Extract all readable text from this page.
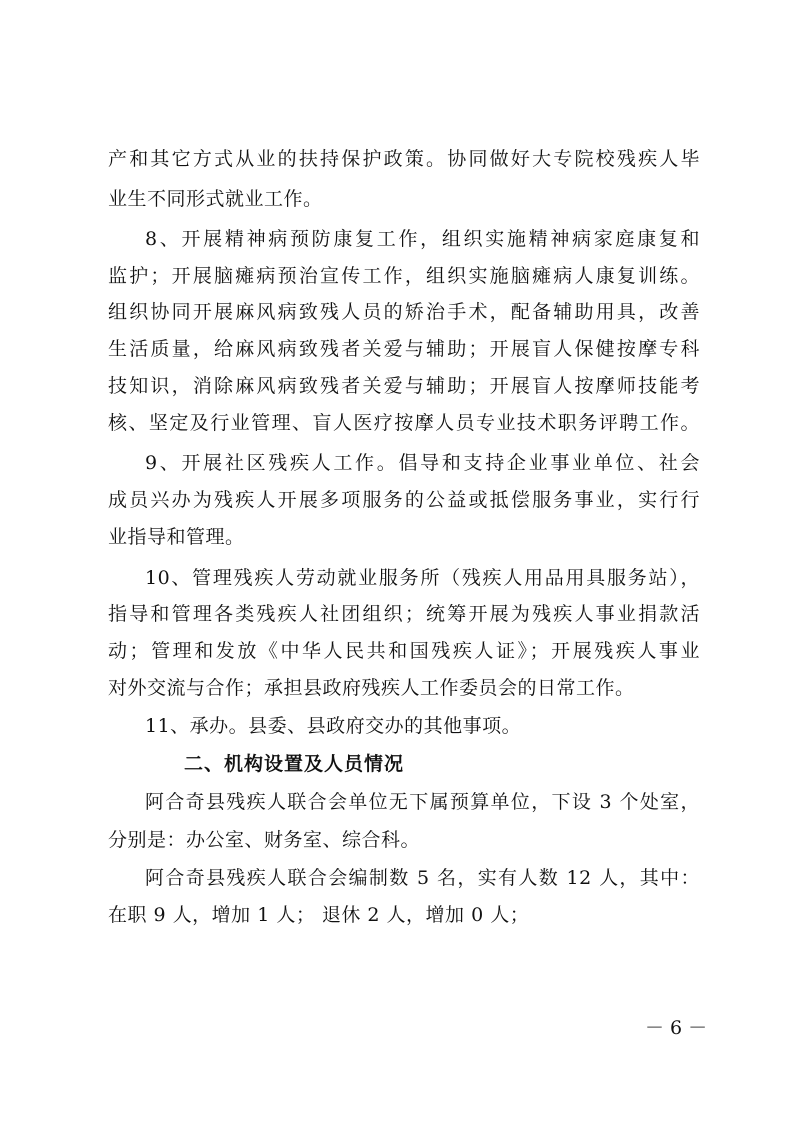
产和其它方式从业的扶持保护政策。协同做好大专院校残疾人毕
业生不同形式就业工作。
8、开展精神病预防康复工作，组织实施精神病家庭康复和
监护；开展脑瘫病预治宣传工作，组织实施脑瘫病人康复训练。
组织协同开展麻风病致残人员的矫治手术，配备辅助用具，改善
生活质量，给麻风病致残者关爱与辅助；开展盲人保健按摩专科
技知识，消除麻风病致残者关爱与辅助；开展盲人按摩师技能考
核、坚定及行业管理、盲人医疗按摩人员专业技术职务评聘工作。
9、开展社区残疾人工作。倡导和支持企业事业单位、社会
成员兴办为残疾人开展多项服务的公益或抵偿服务事业，实行行
业指导和管理。
10、管理残疾人劳动就业服务所（残疾人用品用具服务站），
指导和管理各类残疾人社团组织；统筹开展为残疾人事业捐款活
动；管理和发放《中华人民共和国残疾人证》；开展残疾人事业
对外交流与合作；承担县政府残疾人工作委员会的日常工作。
11、承办。县委、县政府交办的其他事项。
二、机构设置及人员情况
阿合奇县残疾人联合会单位无下属预算单位，下设 3 个处室，
分别是：办公室、财务室、综合科。
阿合奇县残疾人联合会编制数 5 名，实有人数 12 人，其中：
在职 9 人，增加 1 人； 退休 2 人，增加 0 人；
－ 6 －
